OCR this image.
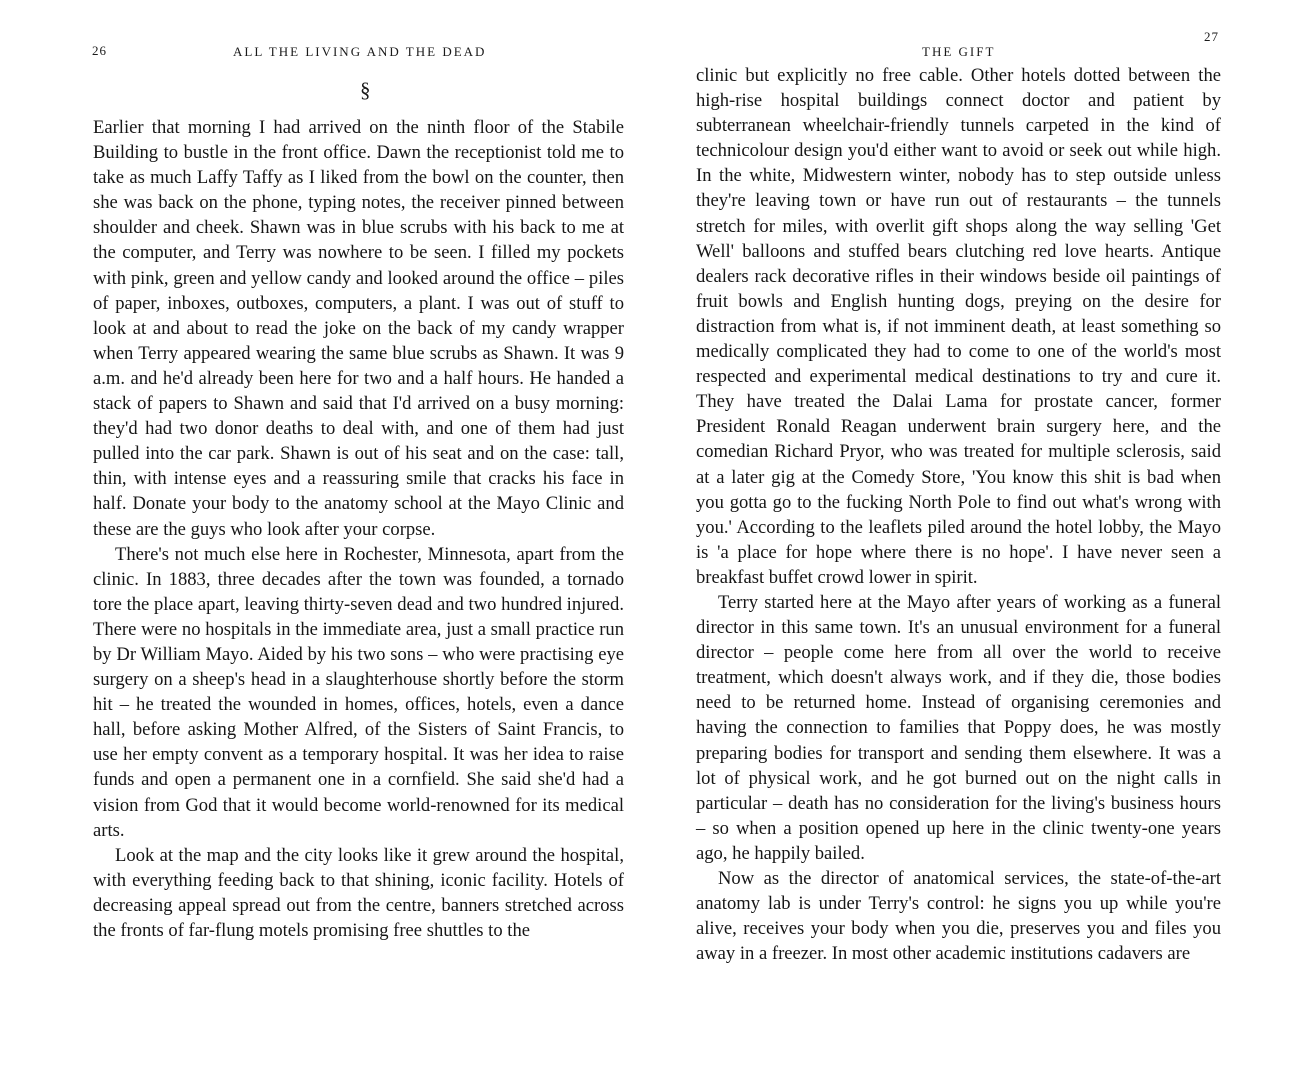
26	ALL THE LIVING AND THE DEAD
§

Earlier that morning I had arrived on the ninth floor of the Stabile Building to bustle in the front office. Dawn the receptionist told me to take as much Laffy Taffy as I liked from the bowl on the counter, then she was back on the phone, typing notes, the receiver pinned between shoulder and cheek. Shawn was in blue scrubs with his back to me at the computer, and Terry was nowhere to be seen. I filled my pockets with pink, green and yellow candy and looked around the office – piles of paper, inboxes, outboxes, computers, a plant. I was out of stuff to look at and about to read the joke on the back of my candy wrapper when Terry appeared wearing the same blue scrubs as Shawn. It was 9 a.m. and he'd already been here for two and a half hours. He handed a stack of papers to Shawn and said that I'd arrived on a busy morning: they'd had two donor deaths to deal with, and one of them had just pulled into the car park. Shawn is out of his seat and on the case: tall, thin, with intense eyes and a reassuring smile that cracks his face in half. Donate your body to the anatomy school at the Mayo Clinic and these are the guys who look after your corpse.

There's not much else here in Rochester, Minnesota, apart from the clinic. In 1883, three decades after the town was founded, a tornado tore the place apart, leaving thirty-seven dead and two hundred injured. There were no hospitals in the immediate area, just a small practice run by Dr William Mayo. Aided by his two sons – who were practising eye surgery on a sheep's head in a slaughterhouse shortly before the storm hit – he treated the wounded in homes, offices, hotels, even a dance hall, before asking Mother Alfred, of the Sisters of Saint Francis, to use her empty convent as a temporary hospital. It was her idea to raise funds and open a permanent one in a cornfield. She said she'd had a vision from God that it would become world-renowned for its medical arts.

Look at the map and the city looks like it grew around the hospital, with everything feeding back to that shining, iconic facility. Hotels of decreasing appeal spread out from the centre, banners stretched across the fronts of far-flung motels promising free shuttles to the

27
THE GIFT

clinic but explicitly no free cable. Other hotels dotted between the high-rise hospital buildings connect doctor and patient by subterranean wheelchair-friendly tunnels carpeted in the kind of technicolour design you'd either want to avoid or seek out while high. In the white, Midwestern winter, nobody has to step outside unless they're leaving town or have run out of restaurants – the tunnels stretch for miles, with overlit gift shops along the way selling 'Get Well' balloons and stuffed bears clutching red love hearts. Antique dealers rack decorative rifles in their windows beside oil paintings of fruit bowls and English hunting dogs, preying on the desire for distraction from what is, if not imminent death, at least something so medically complicated they had to come to one of the world's most respected and experimental medical destinations to try and cure it. They have treated the Dalai Lama for prostate cancer, former President Ronald Reagan underwent brain surgery here, and the comedian Richard Pryor, who was treated for multiple sclerosis, said at a later gig at the Comedy Store, 'You know this shit is bad when you gotta go to the fucking North Pole to find out what's wrong with you.' According to the leaflets piled around the hotel lobby, the Mayo is 'a place for hope where there is no hope'. I have never seen a breakfast buffet crowd lower in spirit.

Terry started here at the Mayo after years of working as a funeral director in this same town. It's an unusual environment for a funeral director – people come here from all over the world to receive treatment, which doesn't always work, and if they die, those bodies need to be returned home. Instead of organising ceremonies and having the connection to families that Poppy does, he was mostly preparing bodies for transport and sending them elsewhere. It was a lot of physical work, and he got burned out on the night calls in particular – death has no consideration for the living's business hours – so when a position opened up here in the clinic twenty-one years ago, he happily bailed.

Now as the director of anatomical services, the state-of-the-art anatomy lab is under Terry's control: he signs you up while you're alive, receives your body when you die, preserves you and files you away in a freezer. In most other academic institutions cadavers are
